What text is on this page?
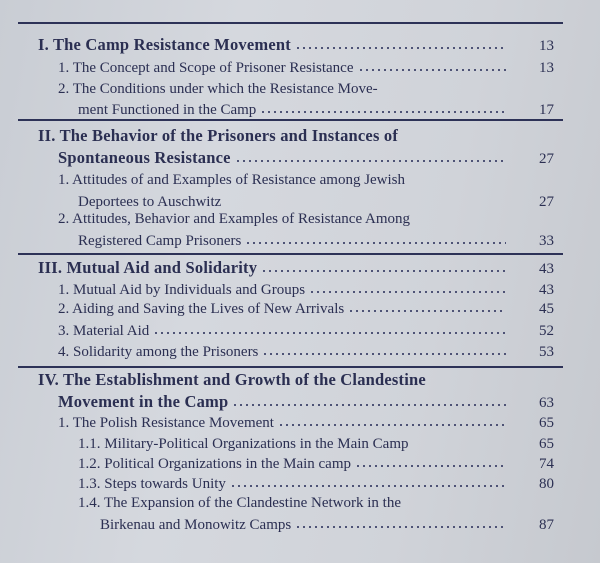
I. The Camp Resistance Movement	13
1. The Concept and Scope of Prisoner Resistance	13
2. The Conditions under which the Resistance Move-
ment Functioned in the Camp	17
II. The Behavior of the Prisoners and Instances of
Spontaneous Resistance	27
1. Attitudes of and Examples of Resistance among Jewish
Deportees to Auschwitz	27
2. Attitudes, Behavior and Examples of Resistance Among
Registered Camp Prisoners	33
III. Mutual Aid and Solidarity	43
1. Mutual Aid by Individuals and Groups	43
2. Aiding and Saving the Lives of New Arrivals	45
3. Material Aid	52
4. Solidarity among the Prisoners	53
IV. The Establishment and Growth of the Clandestine
Movement in the Camp	63
1. The Polish Resistance Movement	65
1.1. Military-Political Organizations in the Main Camp	65
1.2. Political Organizations in the Main camp	74
1.3. Steps towards Unity	80
1.4. The Expansion of the Clandestine Network in the
Birkenau and Monowitz Camps	87
